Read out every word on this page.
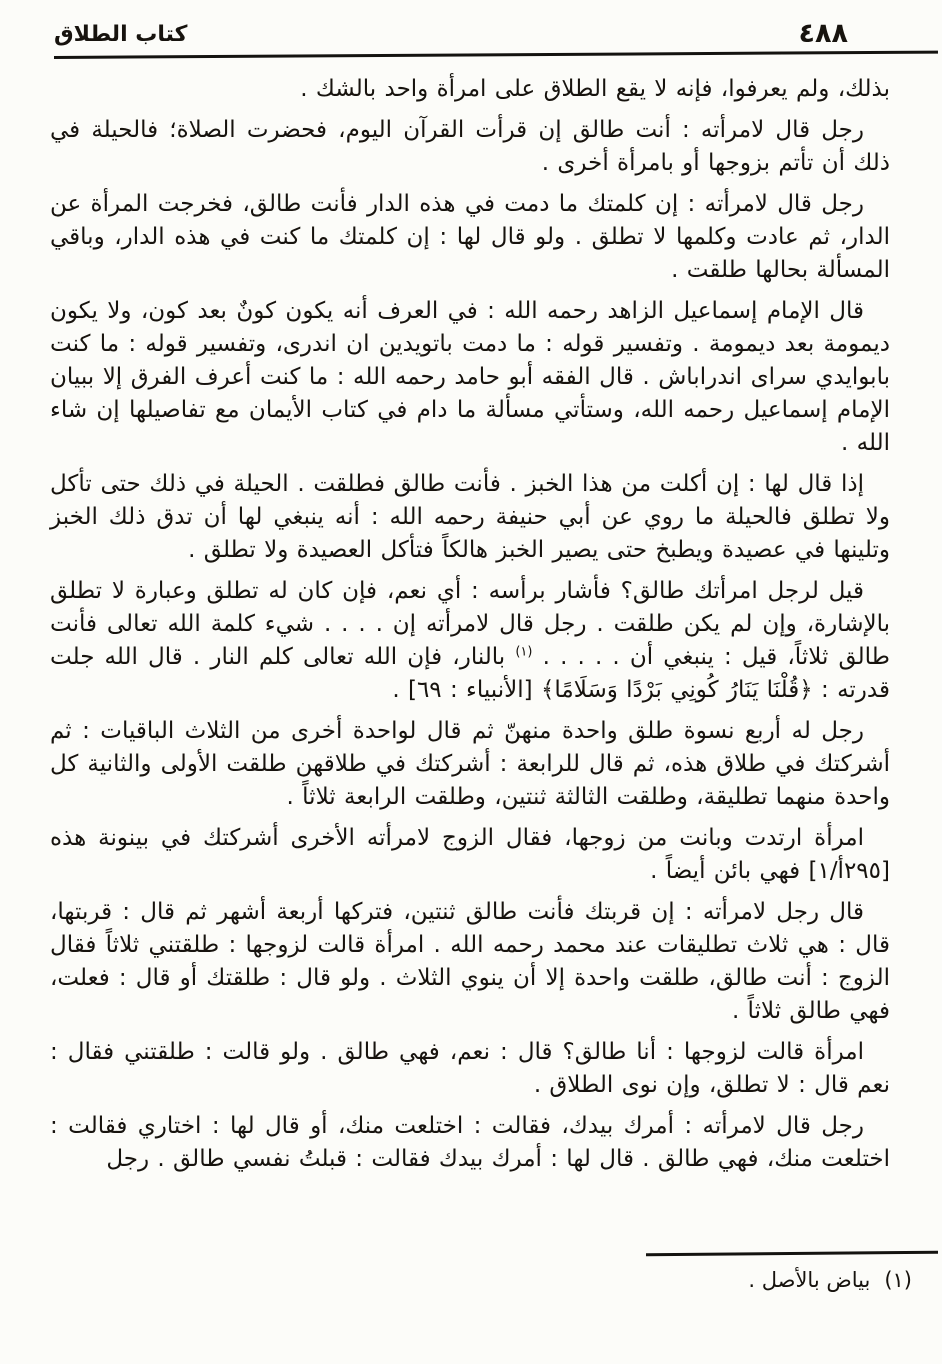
كتاب الطلاق	٤٨٨

بذلك، ولم يعرفوا، فإنه لا يقع الطلاق على امرأة واحد بالشك .

رجل قال لامرأته : أنت طالق إن قرأت القرآن اليوم، فحضرت الصلاة؛ فالحيلة في ذلك أن تأتم بزوجها أو بامرأة أخرى .

رجل قال لامرأته : إن كلمتك ما دمت في هذه الدار فأنت طالق، فخرجت المرأة عن الدار، ثم عادت وكلمها لا تطلق . ولو قال لها : إن كلمتك ما كنت في هذه الدار، وباقي المسألة بحالها طلقت .

قال الإمام إسماعيل الزاهد رحمه الله : في العرف أنه يكون كونٌ بعد كون، ولا يكون ديمومة بعد ديمومة . وتفسير قوله : ما دمت باتويدين ان اندرى، وتفسير قوله : ما كنت بابوايدي سراى اندراباش . قال الفقه أبو حامد رحمه الله : ما كنت أعرف الفرق إلا ببيان الإمام إسماعيل رحمه الله، وستأتي مسألة ما دام في كتاب الأيمان مع تفاصيلها إن شاء الله .

إذا قال لها : إن أكلت من هذا الخبز . فأنت طالق فطلقت . الحيلة في ذلك حتى تأكل ولا تطلق فالحيلة ما روي عن أبي حنيفة رحمه الله : أنه ينبغي لها أن تدق ذلك الخبز وتلينها في عصيدة ويطبخ حتى يصير الخبز هالكاً فتأكل العصيدة ولا تطلق .

قيل لرجل امرأتك طالق؟ فأشار برأسه : أي نعم، فإن كان له تطلق وعبارة لا تطلق بالإشارة، وإن لم يكن طلقت . رجل قال لامرأته إن . . . . شيء كلمة الله تعالى فأنت طالق ثلاثاً، قيل : ينبغي أن . . . . . $^{(١)}$ بالنار، فإن الله تعالى كلم النار . قال الله جلت قدرته : ﴿قُلْنَا يَنَارُ كُونِي بَرْدًا وَسَلَامًا﴾ [الأنبياء : ٦٩] .

رجل له أربع نسوة طلق واحدة منهنّ ثم قال لواحدة أخرى من الثلاث الباقيات : ثم أشركتك في طلاق هذه، ثم قال للرابعة : أشركتك في طلاقهن طلقت الأولى والثانية كل واحدة منهما تطليقة، وطلقت الثالثة ثنتين، وطلقت الرابعة ثلاثاً .

امرأة ارتدت وبانت من زوجها، فقال الزوج لامرأته الأخرى أشركتك في بينونة هذه [٢٩٥أ/١] فهي بائن أيضاً .

قال رجل لامرأته : إن قربتك فأنت طالق ثنتين، فتركها أربعة أشهر ثم قال : قربتها، قال : هي ثلاث تطليقات عند محمد رحمه الله . امرأة قالت لزوجها : طلقتني ثلاثاً فقال الزوج : أنت طالق، طلقت واحدة إلا أن ينوي الثلاث . ولو قال : طلقتك أو قال : فعلت، فهي طالق ثلاثاً .

امرأة قالت لزوجها : أنا طالق؟ قال : نعم، فهي طالق . ولو قالت : طلقتني فقال : نعم قال : لا تطلق، وإن نوى الطلاق .

رجل قال لامرأته : أمرك بيدك، فقالت : اختلعت منك، أو قال لها : اختاري فقالت : اختلعت منك، فهي طالق . قال لها : أمرك بيدك فقالت : قبلتُ نفسي طالق . رجل

(١)بياض بالأصل .
